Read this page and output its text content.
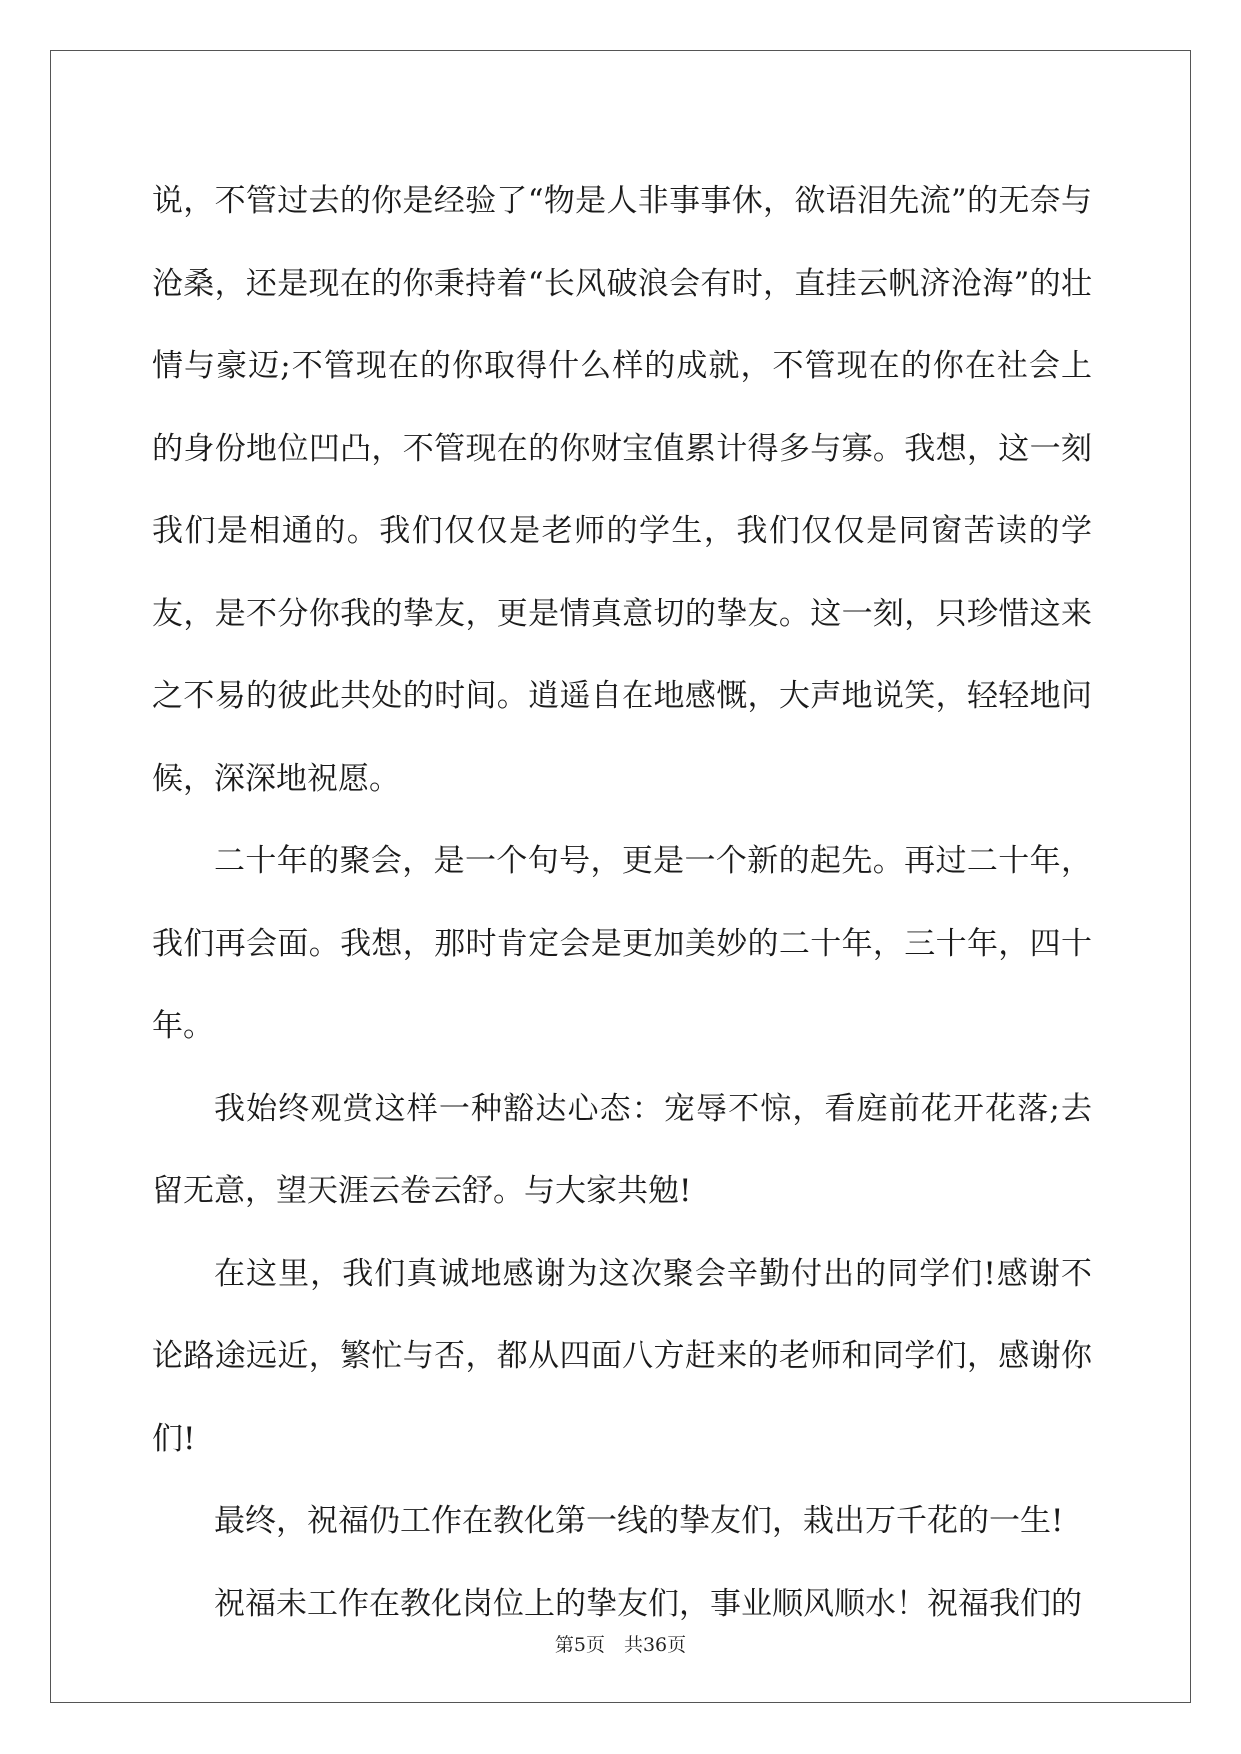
说，不管过去的你是经验了“物是人非事事休，欲语泪先流”的无奈与沧桑，还是现在的你秉持着“长风破浪会有时，直挂云帆济沧海”的壮情与豪迈;不管现在的你取得什么样的成就，不管现在的你在社会上的身份地位凹凸，不管现在的你财宝值累计得多与寡。我想，这一刻我们是相通的。我们仅仅是老师的学生，我们仅仅是同窗苦读的学友，是不分你我的挚友，更是情真意切的挚友。这一刻，只珍惜这来之不易的彼此共处的时间。逍遥自在地感慨，大声地说笑，轻轻地问候，深深地祝愿。

二十年的聚会，是一个句号，更是一个新的起先。再过二十年，我们再会面。我想，那时肯定会是更加美妙的二十年，三十年，四十年。

我始终观赏这样一种豁达心态：宠辱不惊，看庭前花开花落;去留无意，望天涯云卷云舒。与大家共勉!

在这里，我们真诚地感谢为这次聚会辛勤付出的同学们!感谢不论路途远近，繁忙与否，都从四面八方赶来的老师和同学们，感谢你们!

最终，祝福仍工作在教化第一线的挚友们，栽出万千花的一生!

祝福未工作在教化岗位上的挚友们，事业顺风顺水！祝福我们的

第5页　共36页
